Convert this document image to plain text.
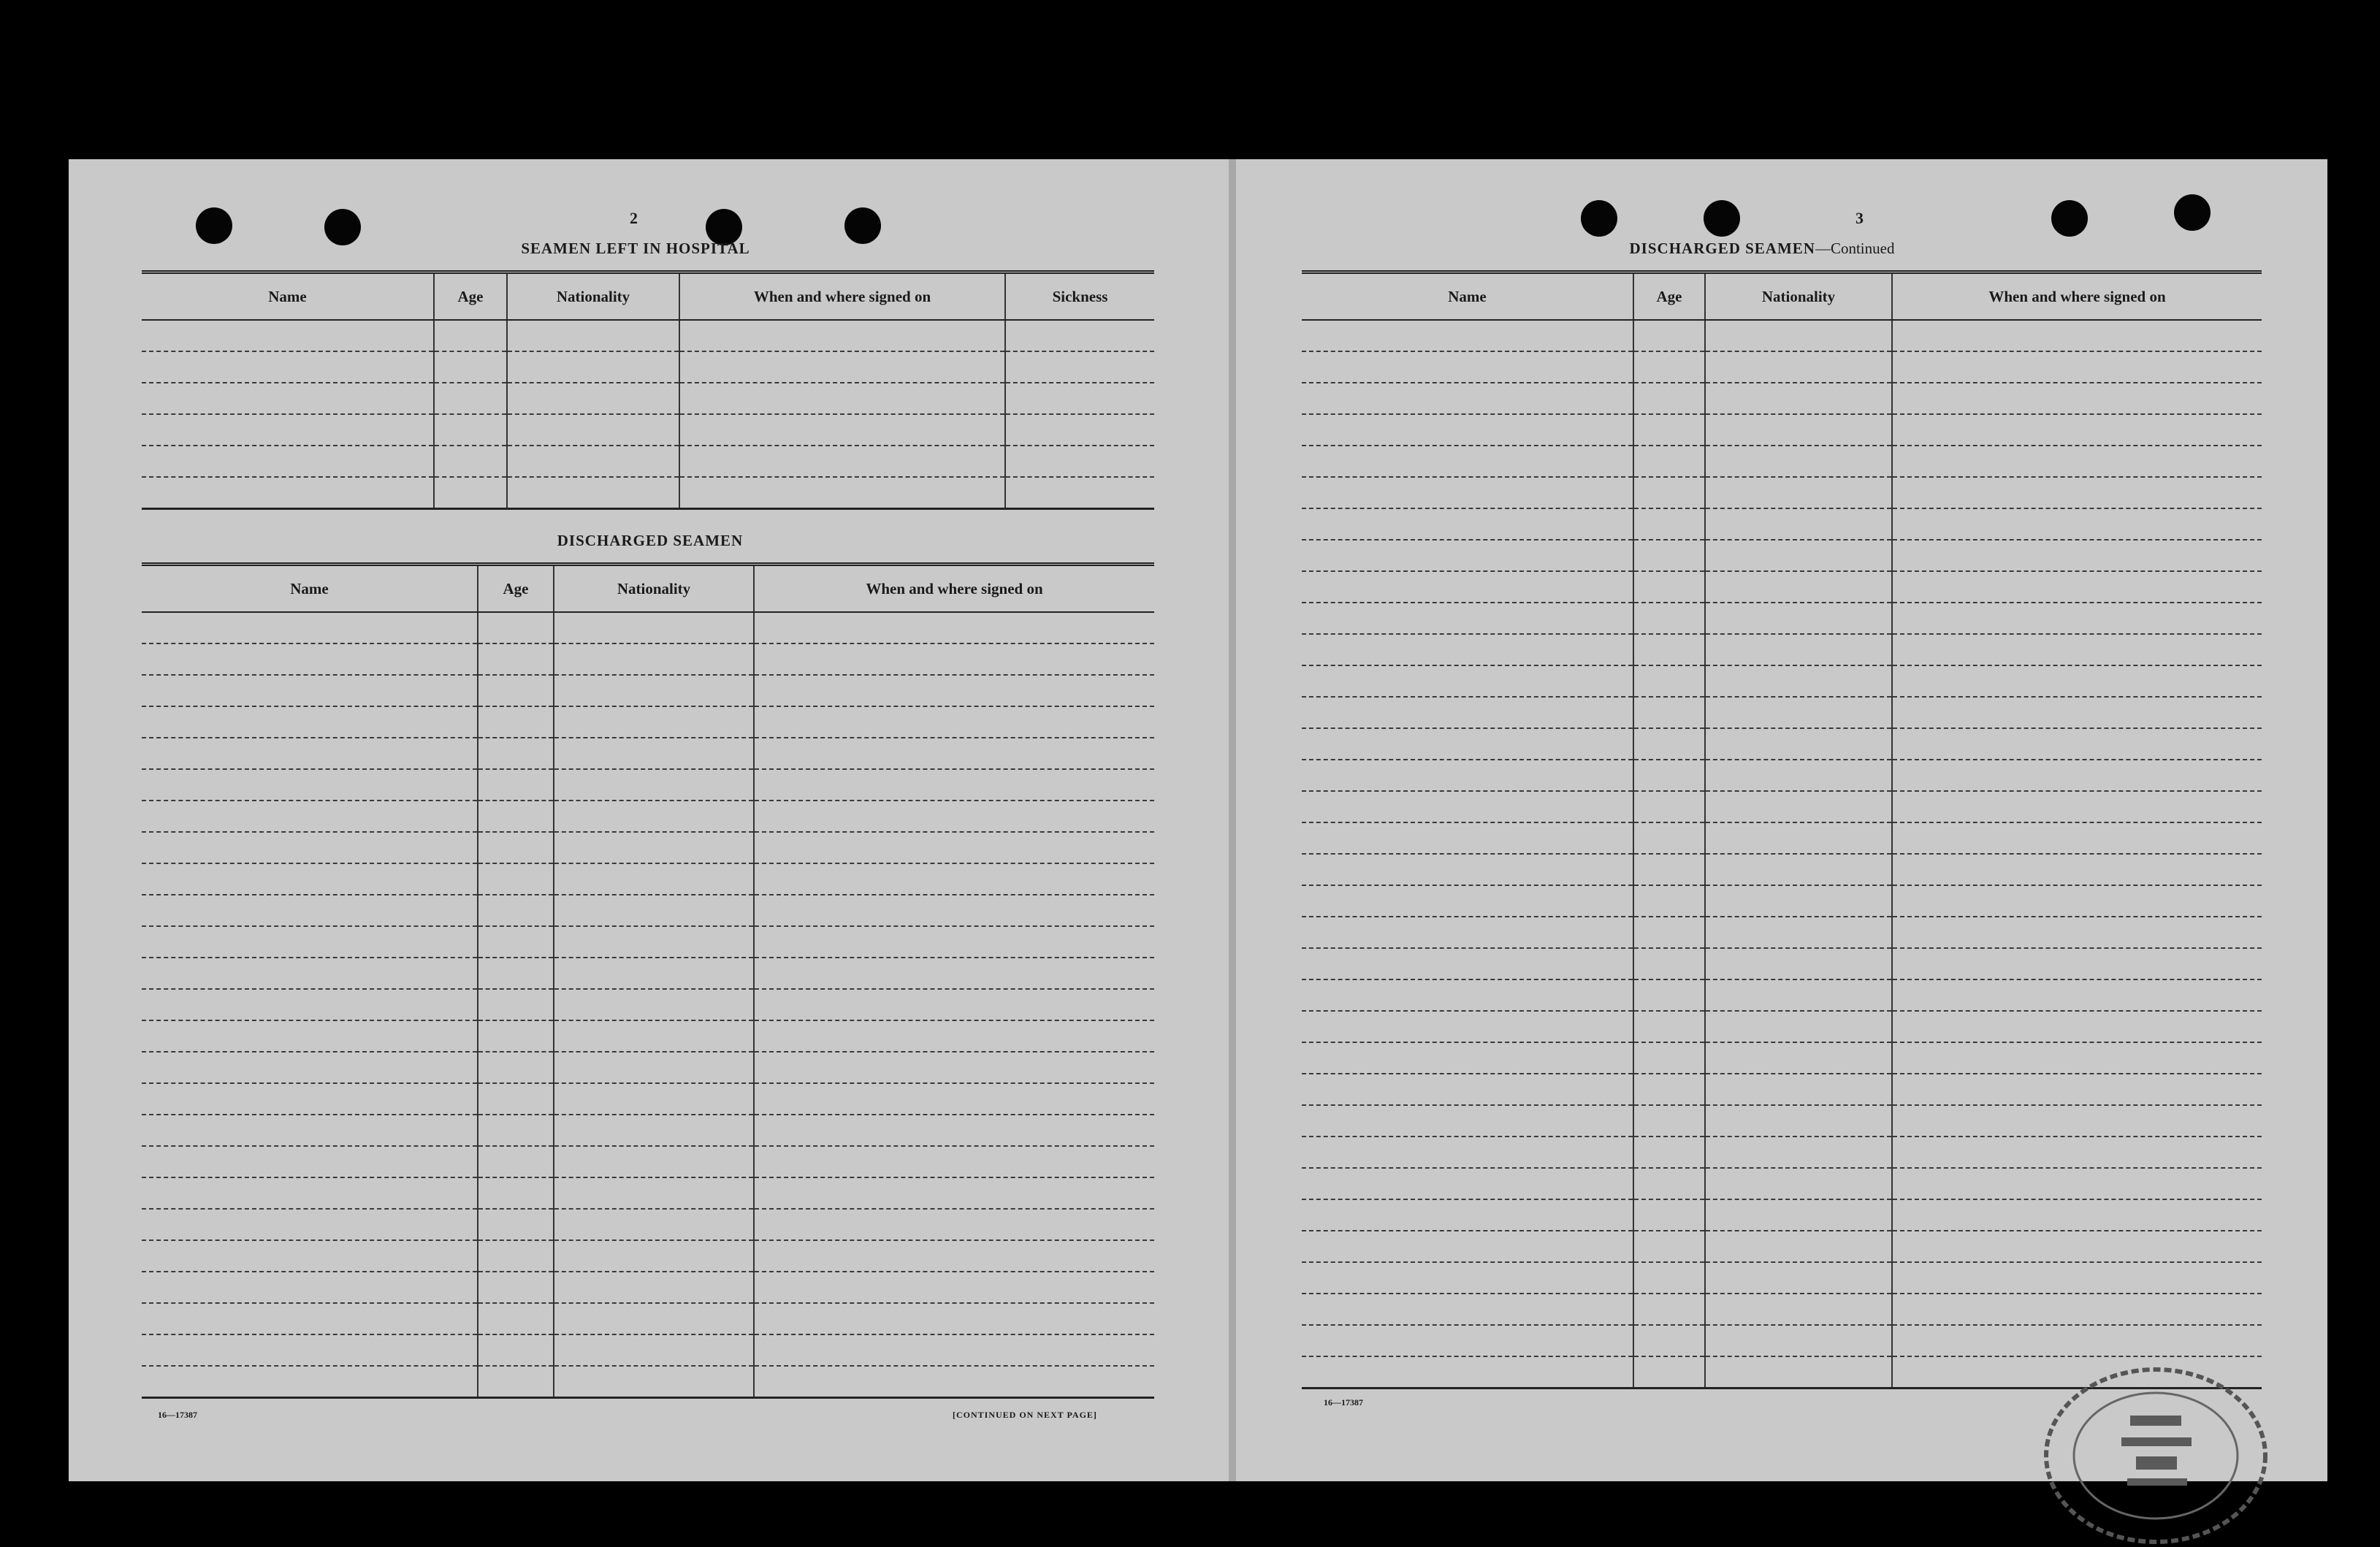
2
SEAMEN LEFT IN HOSPITAL
Name	Age	Nationality	When and where signed on	Sickness

DISCHARGED SEAMEN
Name	Age	Nationality	When and where signed on

16—17387	[CONTINUED ON NEXT PAGE]
3
DISCHARGED SEAMEN—Continued
Name	Age	Nationality	When and where signed on

16—17387
